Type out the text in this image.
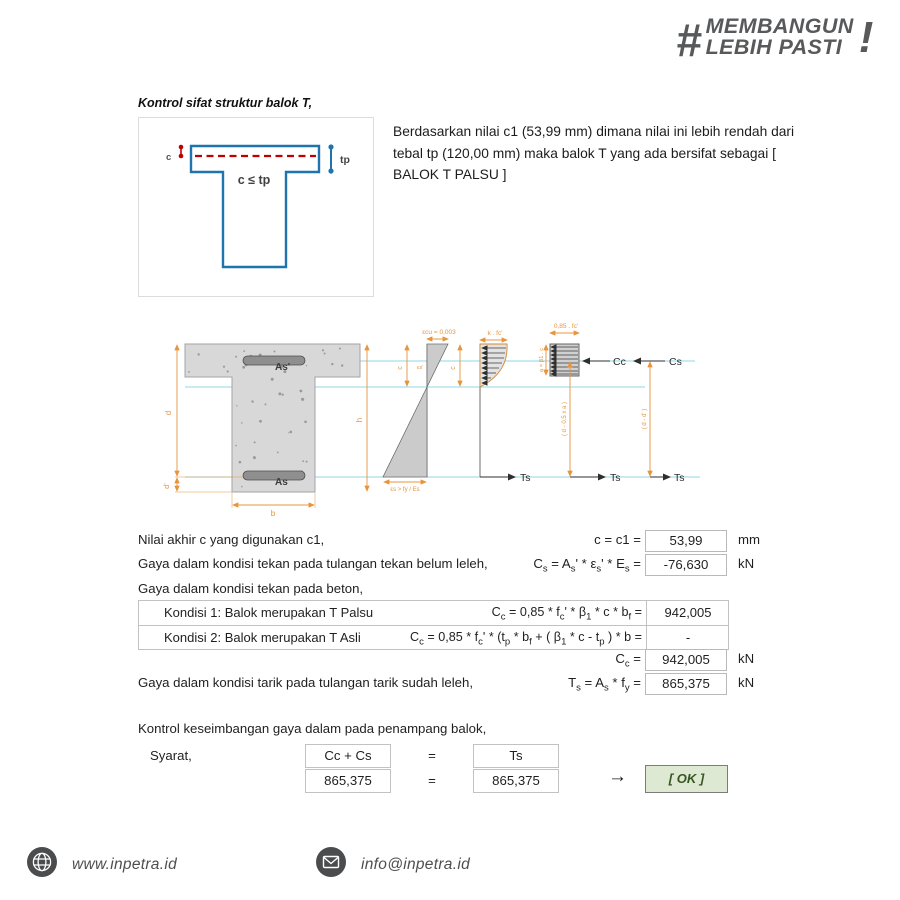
# MEMBANGUN
LEBIH PASTI !
Kontrol sifat struktur balok T,
c	tp
c ≤ tp
Berdasarkan nilai c1 (53,99 mm) dimana nilai ini lebih rendah dari tebal tp (120,00 mm) maka balok T yang ada bersifat sebagai [ BALOK T PALSU ]
As'
As
d
d'
b
h
εcu = 0,003
c εs'
εs > fy / Es
k . fc'
c
Ts
0,85 . fc'
a = β1 . c	Cc
( d - 0.5 x a )
Ts
Cs
( d - d' )
Ts
Nilai akhir c yang digunakan c1,	c = c1 =	53,99	mm
Gaya dalam kondisi tekan pada tulangan tekan belum leleh,	$C_s = A_s' * \varepsilon_s' * E_s$ =	-76,630	kN
Gaya dalam kondisi tekan pada beton,
Kondisi 1: Balok merupakan T Palsu	$C_c = 0,85 * f_c' * \beta_1 * c * b_f$ =	942,005
Kondisi 2: Balok merupakan T Asli	$C_c = 0,85 * f_c' * (t_p * b_f$ + ( $\beta_1$ * c - $t_p$ ) * b =	-
$C_c$ =	942,005	kN
Gaya dalam kondisi tarik pada tulangan tarik sudah leleh,	$T_s = A_s * f_y$ =	865,375	kN
Kontrol keseimbangan gaya dalam pada penampang balok,
Syarat,	Cc + Cs	=	Ts
865,375	=	865,375	→	[ OK ]
www.inpetra.id	info@inpetra.id
